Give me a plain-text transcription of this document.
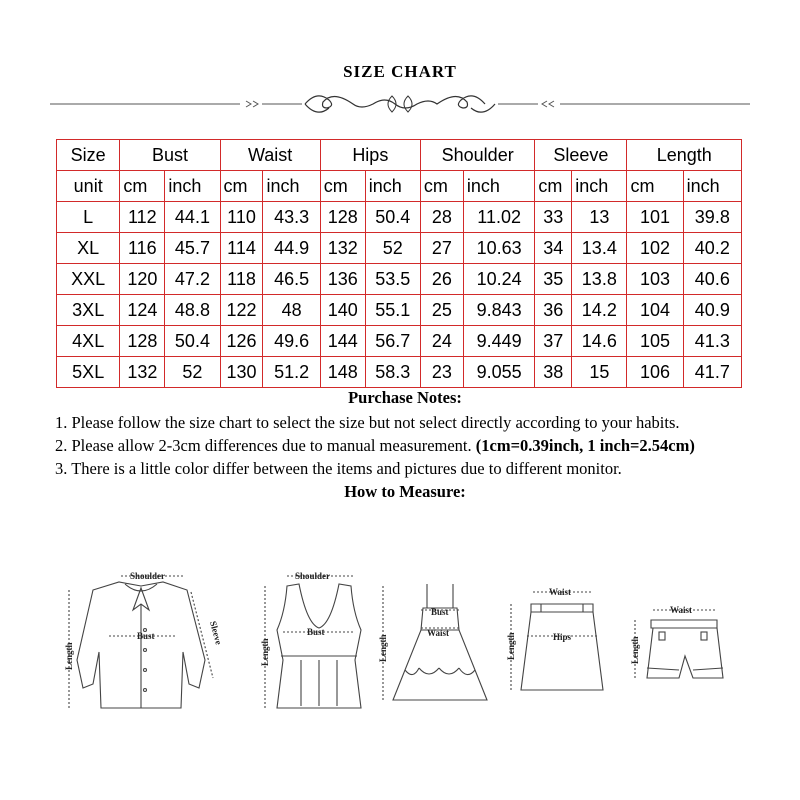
SIZE CHART
Size	Bust		Waist		Hips		Shoulder		Sleeve		Length	
unit	cm	inch	cm	inch	cm	inch	cm	inch	cm	inch	cm	inch
L	112	44.1	110	43.3	128	50.4	28	11.02	33	13	101	39.8
XL	116	45.7	114	44.9	132	52	27	10.63	34	13.4	102	40.2
XXL	120	47.2	118	46.5	136	53.5	26	10.24	35	13.8	103	40.6
3XL	124	48.8	122	48	140	55.1	25	9.843	36	14.2	104	40.9
4XL	128	50.4	126	49.6	144	56.7	24	9.449	37	14.6	105	41.3
5XL	132	52	130	51.2	148	58.3	23	9.055	38	15	106	41.7
Purchase Notes:

1. Please follow the size chart to select the size but not select directly according to your habits.

2. Please allow 2-3cm differences due to manual measurement. (1cm=0.39inch, 1 inch=2.54cm)

3. There is a little color differ between the items and pictures due to different monitor.

How to Measure:
Shoulder
Bust
Length
Sleeve
Shoulder
Bust
Length
Bust
Waist
Length
Waist
Hips
Length
Waist
Length
